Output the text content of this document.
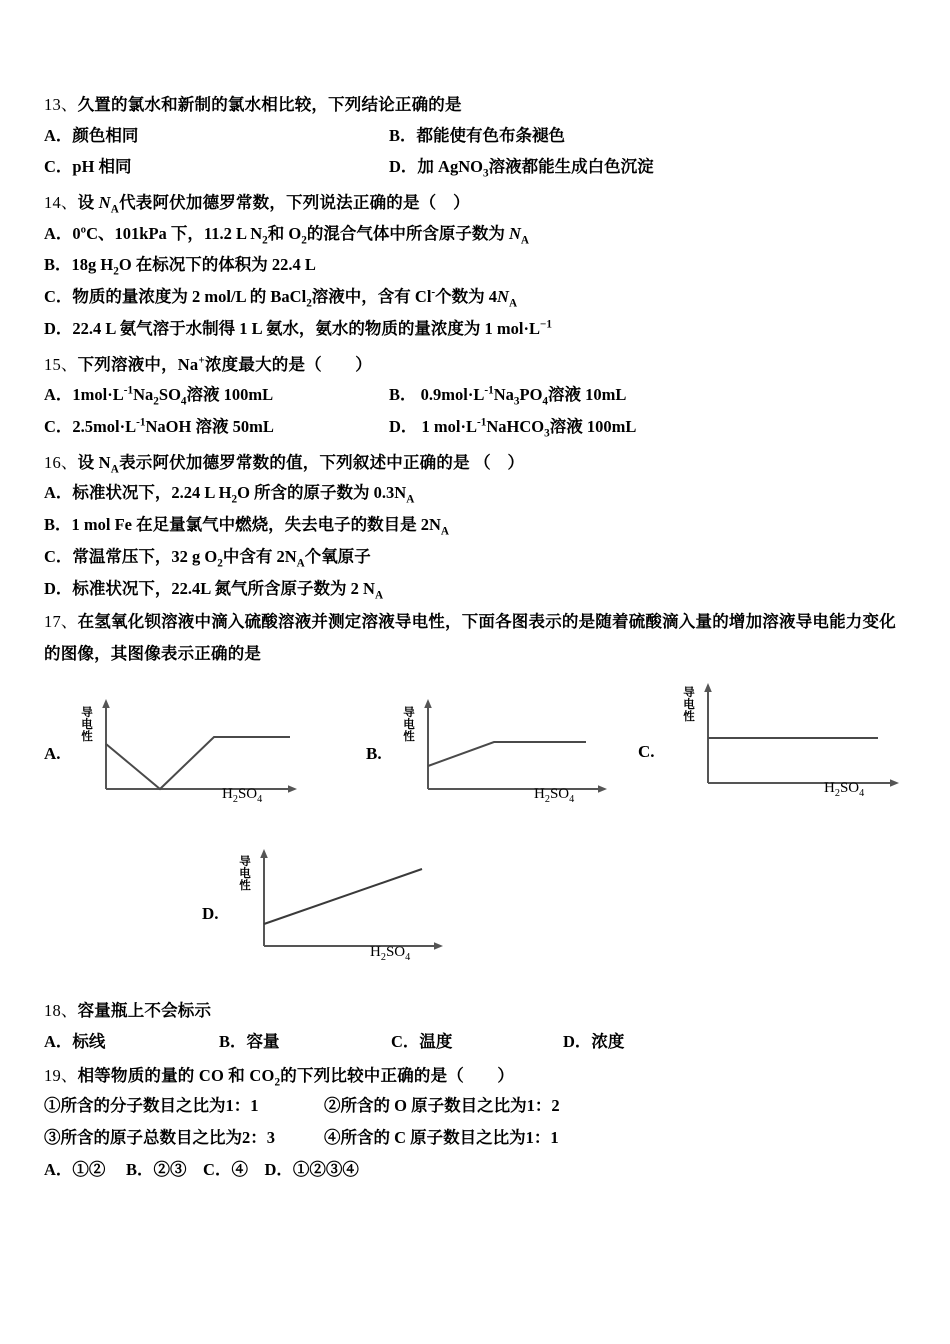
13、久置的氯水和新制的氯水相比较，下列结论正确的是
A．颜色相同	B．都能使有色布条褪色
C．pH 相同	D．加 AgNO$_3$溶液都能生成白色沉淀
14、设 $N_A$代表阿伏加德罗常数，下列说法正确的是（　）
A．0ºC、101kPa 下，11.2 L $N_2$和 $O_2$的混合气体中所含原子数为 $N_A$
B．18g $H_2O$ 在标况下的体积为 22.4 L
C．物质的量浓度为 2 mol/L 的 BaCl$_2$溶液中，含有 Cl-个数为 $4N_A$
D．22.4 L 氨气溶于水制得 1 L 氨水，氨水的物质的量浓度为 1 $mol\cdot L^{-1}$
15、下列溶液中，Na+浓度最大的是（　　）
A．$1mol\cdot L^{-1}Na_2SO_4$溶液 100mL	B． $0.9mol\cdot L^{-1}Na_3PO_4$溶液 10mL
C．$2.5mol\cdot L^{-1}NaOH$ 溶液 50mL	D． 1 $mol\cdot L^{-1}NaHCO_3$溶液 100mL
16、设 $N_A$表示阿伏加德罗常数的值，下列叙述中正确的是 （　）
A．标准状况下，2.24 L $H_2O$ 所含的原子数为 $0.3N_A$
B．1 mol Fe 在足量氯气中燃烧，失去电子的数目是 $2N_A$
C．常温常压下，32 g $O_2$中含有 $2N_A$个氧原子
D．标准状况下，22.4L 氮气所含原子数为 2 $N_A$
17、在氢氧化钡溶液中滴入硫酸溶液并测定溶液导电性，下面各图表示的是随着硫酸滴入量的增加溶液导电能力变化
的图像，其图像表示正确的是
A.
导
电
性
$H_2SO_4$
B.
导
电
性
$H_2SO_4$
C.
导
电
性
$H_2SO_4$
D.
导
电
性
$H_2SO_4$
18、容量瓶上不会标示
A．标线	B．容量	C．温度	D．浓度
19、相等物质的量的 CO 和 $CO_2$的下列比较中正确的是（　　）
①所含的分子数目之比为1：1	②所含的 O 原子数目之比为1：2
③所含的原子总数目之比为2：3	④所含的 C 原子数目之比为1：1
A．①②　 B．②③　C．④　D．①②③④
